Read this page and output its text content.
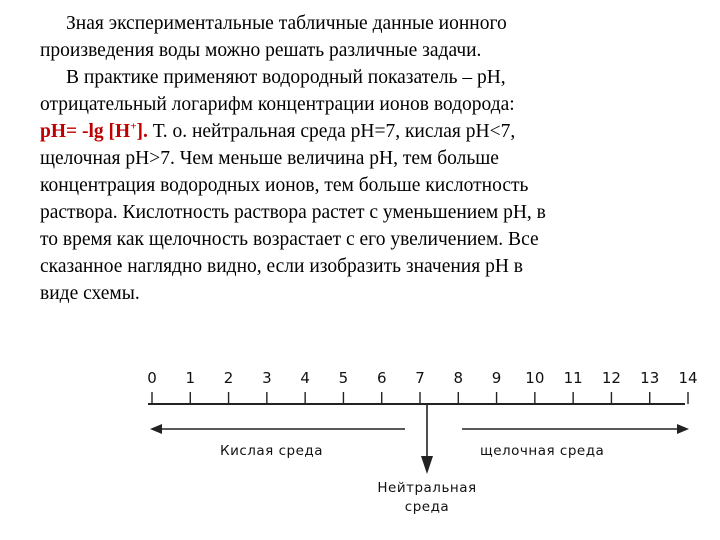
Зная экспериментальные табличные данные ионного
произведения воды можно решать различные задачи.

В практике применяют водородный показатель – pH,
отрицательный логарифм концентрации ионов водорода:
pH= -lg [H+]. Т. о. нейтральная среда pH=7, кислая pH<7,
щелочная pH>7. Чем меньше величина pH, тем больше
концентрация водородных ионов, тем больше кислотность
раствора. Кислотность раствора растет с уменьшением pH, в
то время как щелочность возрастает с его увеличением. Все
сказанное наглядно видно, если изобразить значения pH в
виде схемы.

0 1 2 3 4 5 6 7 8 9 10 11 12 13 14
Кислая среда	щелочная среда
Нейтральная
среда
